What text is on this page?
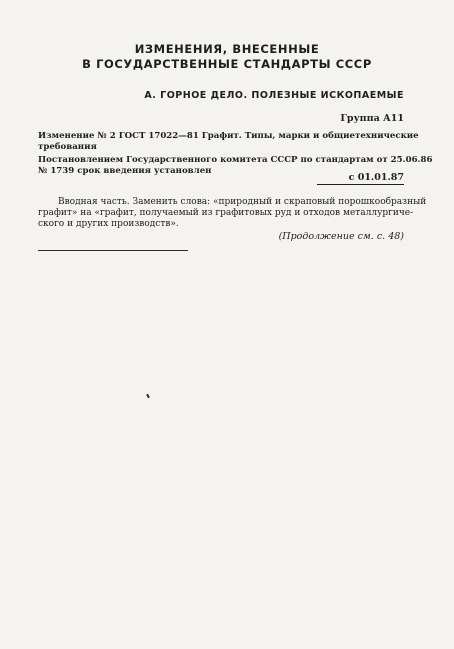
ИЗМЕНЕНИЯ, ВНЕСЕННЫЕ
В ГОСУДАРСТВЕННЫЕ СТАНДАРТЫ СССР
А. ГОРНОЕ ДЕЛО. ПОЛЕЗНЫЕ ИСКОПАЕМЫЕ
Группа А11
Изменение № 2 ГОСТ 17022—81 Графит. Типы, марки и общие технические
требования
Постановлением Государственного комитета СССР по стандартам от 25.06.86
№ 1739 срок введения установлен
с 01.01.87
Вводная часть. Заменить слова: «природный и скраповый порошкообразный
графит» на «графит, получаемый из графитовых руд и отходов металлургиче-
ского и других производств».
(Продолжение см. с. 48)
